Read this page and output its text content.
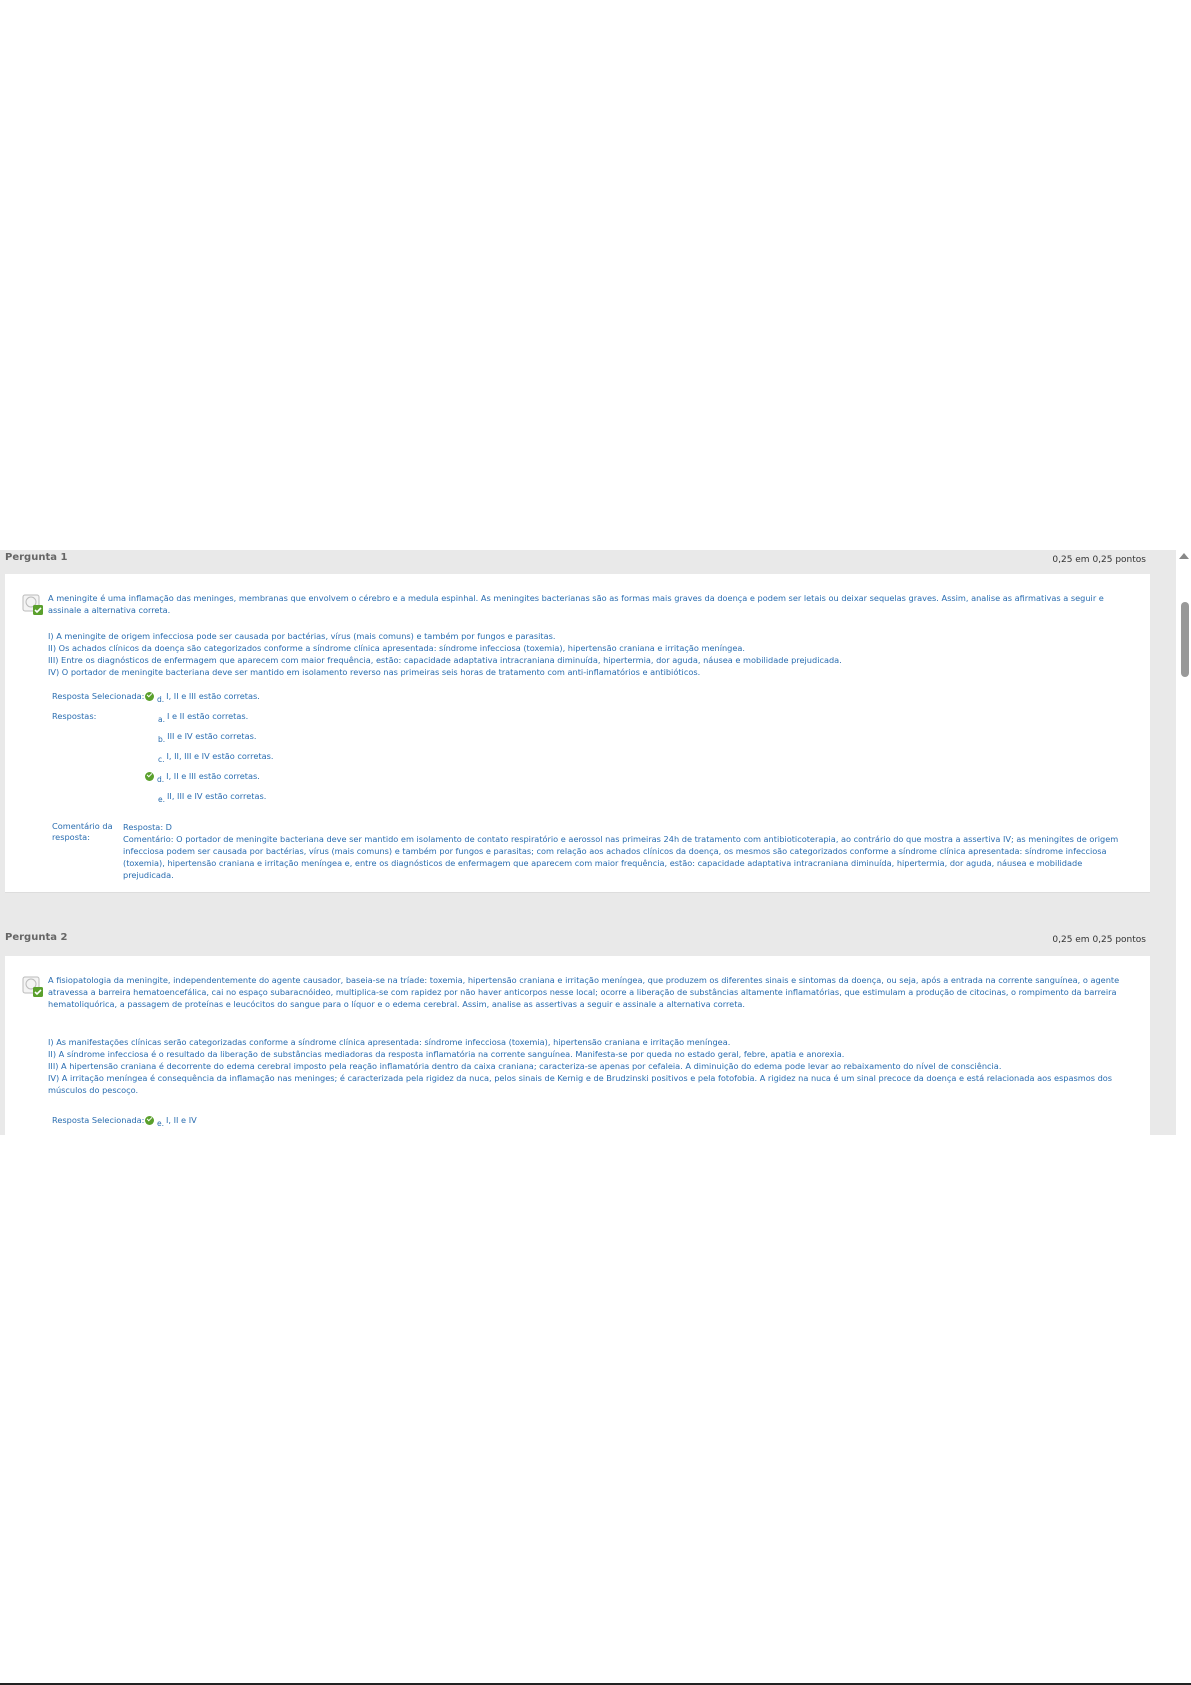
Pergunta 1	0,25 em 0,25 pontos
A meningite é uma inflamação das meninges, membranas que envolvem o cérebro e a medula espinhal. As meningites bacterianas são as formas mais graves da doença e podem ser letais ou deixar sequelas graves. Assim, analise as afirmativas a seguir e assinale a alternativa correta.
I) A meningite de origem infecciosa pode ser causada por bactérias, vírus (mais comuns) e também por fungos e parasitas.
II) Os achados clínicos da doença são categorizados conforme a síndrome clínica apresentada: síndrome infecciosa (toxemia), hipertensão craniana e irritação meníngea.
III) Entre os diagnósticos de enfermagem que aparecem com maior frequência, estão: capacidade adaptativa intracraniana diminuída, hipertermia, dor aguda, náusea e mobilidade prejudicada.
IV) O portador de meningite bacteriana deve ser mantido em isolamento reverso nas primeiras seis horas de tratamento com anti-inflamatórios e antibióticos.
Resposta Selecionada:	d. I, II e III estão corretas.
Respostas:	a. I e II estão corretas.
b. III e IV estão corretas.
c. I, II, III e IV estão corretas.
d. I, II e III estão corretas.
e. II, III e IV estão corretas.
Comentário da resposta:
Resposta: D
Comentário: O portador de meningite bacteriana deve ser mantido em isolamento de contato respiratório e aerossol nas primeiras 24h de tratamento com antibioticoterapia, ao contrário do que mostra a assertiva IV; as meningites de origem infecciosa podem ser causada por bactérias, vírus (mais comuns) e também por fungos e parasitas; com relação aos achados clínicos da doença, os mesmos são categorizados conforme a síndrome clínica apresentada: síndrome infecciosa (toxemia), hipertensão craniana e irritação meníngea e, entre os diagnósticos de enfermagem que aparecem com maior frequência, estão: capacidade adaptativa intracraniana diminuída, hipertermia, dor aguda, náusea e mobilidade prejudicada.
Pergunta 2	0,25 em 0,25 pontos
A fisiopatologia da meningite, independentemente do agente causador, baseia-se na tríade: toxemia, hipertensão craniana e irritação meníngea, que produzem os diferentes sinais e sintomas da doença, ou seja, após a entrada na corrente sanguínea, o agente atravessa a barreira hematoencefálica, cai no espaço subaracnóideo, multiplica-se com rapidez por não haver anticorpos nesse local; ocorre a liberação de substâncias altamente inflamatórias, que estimulam a produção de citocinas, o rompimento da barreira hematoliquórica, a passagem de proteínas e leucócitos do sangue para o líquor e o edema cerebral. Assim, analise as assertivas a seguir e assinale a alternativa correta.
I) As manifestações clínicas serão categorizadas conforme a síndrome clínica apresentada: síndrome infecciosa (toxemia), hipertensão craniana e irritação meníngea.
II) A síndrome infecciosa é o resultado da liberação de substâncias mediadoras da resposta inflamatória na corrente sanguínea. Manifesta-se por queda no estado geral, febre, apatia e anorexia.
III) A hipertensão craniana é decorrente do edema cerebral imposto pela reação inflamatória dentro da caixa craniana; caracteriza-se apenas por cefaleia. A diminuição do edema pode levar ao rebaixamento do nível de consciência.
IV) A irritação meníngea é consequência da inflamação nas meninges; é caracterizada pela rigidez da nuca, pelos sinais de Kernig e de Brudzinski positivos e pela fotofobia. A rigidez na nuca é um sinal precoce da doença e está relacionada aos espasmos dos músculos do pescoço.
Resposta Selecionada:	e. I, II e IV
